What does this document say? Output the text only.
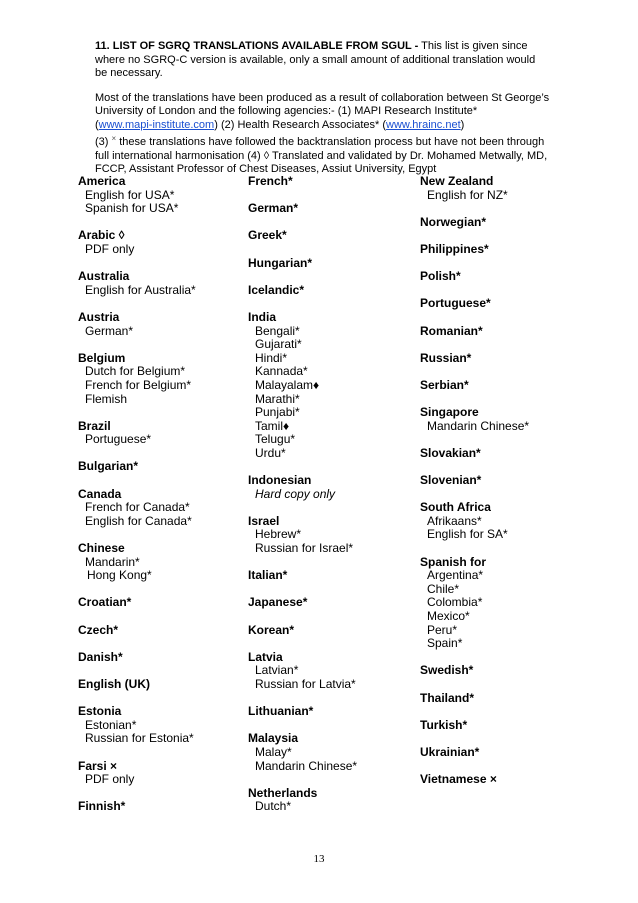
11. LIST OF SGRQ TRANSLATIONS AVAILABLE FROM SGUL - This list is given since where no SGRQ-C version is available, only a small amount of additional translation would be necessary.

Most of the translations have been produced as a result of collaboration between St George’s University of London and the following agencies:- (1) MAPI Research Institute*
(www.mapi-institute.com) (2) Health Research Associates* (www.hrainc.net)
(3) × these translations have followed the backtranslation process but have not been through full international harmonisation (4) ◊ Translated and validated by Dr. Mohamed Metwally, MD, FCCP, Assistant Professor of Chest Diseases, Assiut University, Egypt

America
English for USA*
Spanish for USA*
Arabic ◊
PDF only
Australia
English for Australia*
Austria
German*
Belgium
Dutch for Belgium*
French for Belgium*
Flemish
Brazil
Portuguese*
Bulgarian*
Canada
French for Canada*
English for Canada*
Chinese
Mandarin*
Hong Kong*
Croatian*
Czech*
Danish*
English (UK)
Estonia
Estonian*
Russian for Estonia*
Farsi ×
PDF only
Finnish*
French*
German*
Greek*
Hungarian*
Icelandic*
India
Bengali*
Gujarati*
Hindi*
Kannada*
Malayalam♦
Marathi*
Punjabi*
Tamil♦
Telugu*
Urdu*
Indonesian
Hard copy only
Israel
Hebrew*
Russian for Israel*
Italian*
Japanese*
Korean*
Latvia
Latvian*
Russian for Latvia*
Lithuanian*
Malaysia
Malay*
Mandarin Chinese*
Netherlands
Dutch*
New Zealand
English for NZ*
Norwegian*
Philippines*
Polish*
Portuguese*
Romanian*
Russian*
Serbian*
Singapore
Mandarin Chinese*
Slovakian*
Slovenian*
South Africa
Afrikaans*
English for SA*
Spanish for
Argentina*
Chile*
Colombia*
Mexico*
Peru*
Spain*
Swedish*
Thailand*
Turkish*
Ukrainian*
Vietnamese ×
13
